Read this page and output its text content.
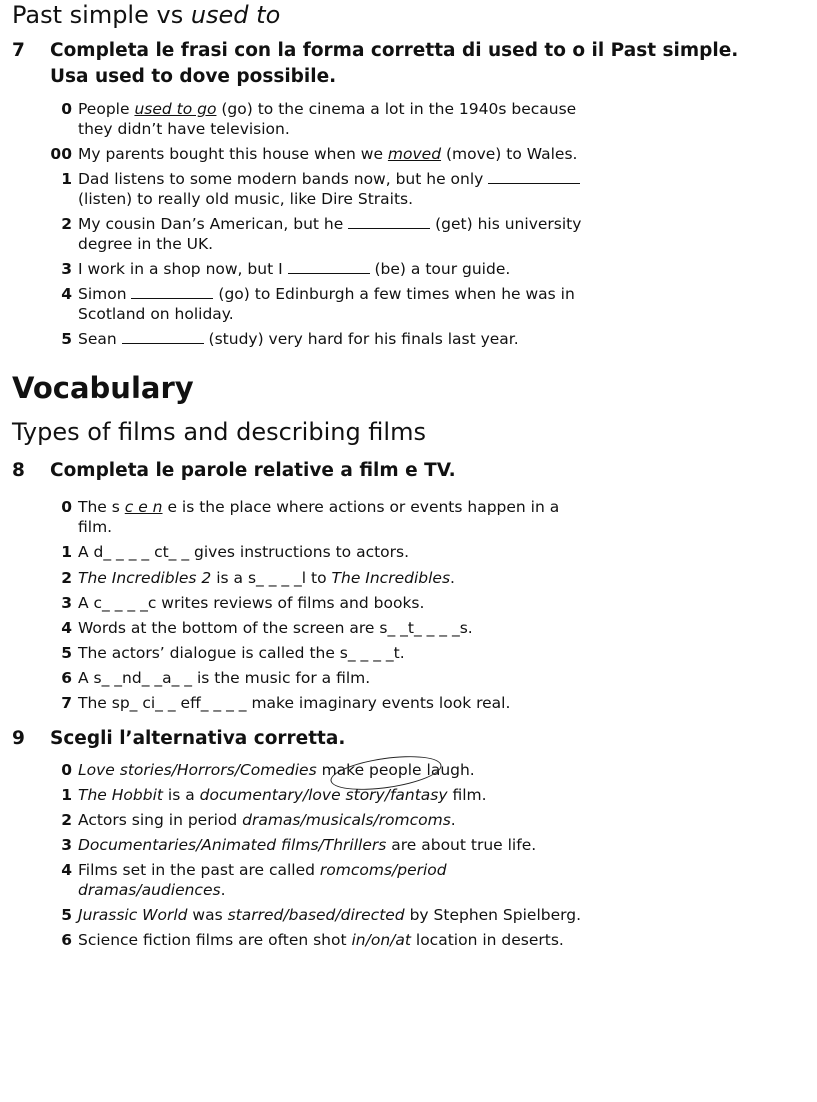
Past simple vs used to
7 Completa le frasi con la forma corretta di used to o il Past simple.
Usa used to dove possibile.
0 People used to go (go) to the cinema a lot in the 1940s because
they didn’t have television.
00 My parents bought this house when we moved (move) to Wales.
1 Dad listens to some modern bands now, but he only
(listen) to really old music, like Dire Straits.
2 My cousin Dan’s American, but he	(get) his university
degree in the UK.
3 I work in a shop now, but I	(be) a tour guide.
4 Simon	(go) to Edinburgh a few times when he was in
Scotland on holiday.
5 Sean	(study) very hard for his finals last year.
Vocabulary
Types of films and describing films
8 Completa le parole relative a film e TV.
0 The s c e n e is the place where actions or events happen in a
film.
1 A d_ _ _ _ ct_ _ gives instructions to actors.
2 The Incredibles 2 is a s_ _ _ _l to The Incredibles.
3 A c_ _ _ _c writes reviews of films and books.
4 Words at the bottom of the screen are s_ _t_ _ _ _s.
5 The actors’ dialogue is called the s_ _ _ _t.
6 A s_ _nd_ _a_ _ is the music for a film.
7 The sp_ ci_ _ eff_ _ _ _ make imaginary events look real.
9 Scegli l’alternativa corretta.
0 Love stories/Horrors/Comedies make people laugh.
1 The Hobbit is a documentary/love story/fantasy film.
2 Actors sing in period dramas/musicals/romcoms.
3 Documentaries/Animated films/Thrillers are about true life.
4 Films set in the past are called romcoms/period
dramas/audiences.
5 Jurassic World was starred/based/directed by Stephen Spielberg.
6 Science fiction films are often shot in/on/at location in deserts.
